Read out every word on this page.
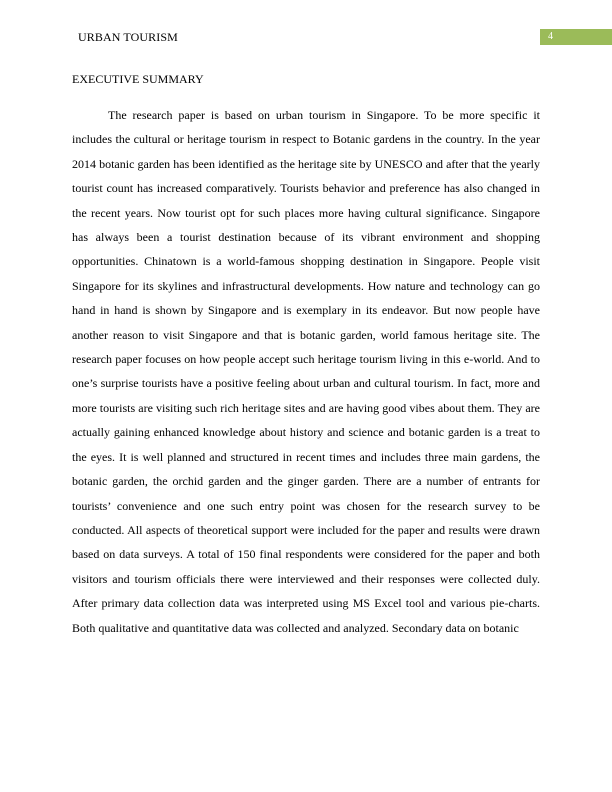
URBAN TOURISM	4
EXECUTIVE SUMMARY

The research paper is based on urban tourism in Singapore. To be more specific it includes the cultural or heritage tourism in respect to Botanic gardens in the country. In the year 2014 botanic garden has been identified as the heritage site by UNESCO and after that the yearly tourist count has increased comparatively. Tourists behavior and preference has also changed in the recent years. Now tourist opt for such places more having cultural significance. Singapore has always been a tourist destination because of its vibrant environment and shopping opportunities. Chinatown is a world-famous shopping destination in Singapore. People visit Singapore for its skylines and infrastructural developments. How nature and technology can go hand in hand is shown by Singapore and is exemplary in its endeavor. But now people have another reason to visit Singapore and that is botanic garden, world famous heritage site. The research paper focuses on how people accept such heritage tourism living in this e-world. And to one’s surprise tourists have a positive feeling about urban and cultural tourism. In fact, more and more tourists are visiting such rich heritage sites and are having good vibes about them. They are actually gaining enhanced knowledge about history and science and botanic garden is a treat to the eyes. It is well planned and structured in recent times and includes three main gardens, the botanic garden, the orchid garden and the ginger garden. There are a number of entrants for tourists’ convenience and one such entry point was chosen for the research survey to be conducted. All aspects of theoretical support were included for the paper and results were drawn based on data surveys. A total of 150 final respondents were considered for the paper and both visitors and tourism officials there were interviewed and their responses were collected duly. After primary data collection data was interpreted using MS Excel tool and various pie-charts. Both qualitative and quantitative data was collected and analyzed. Secondary data on botanic
